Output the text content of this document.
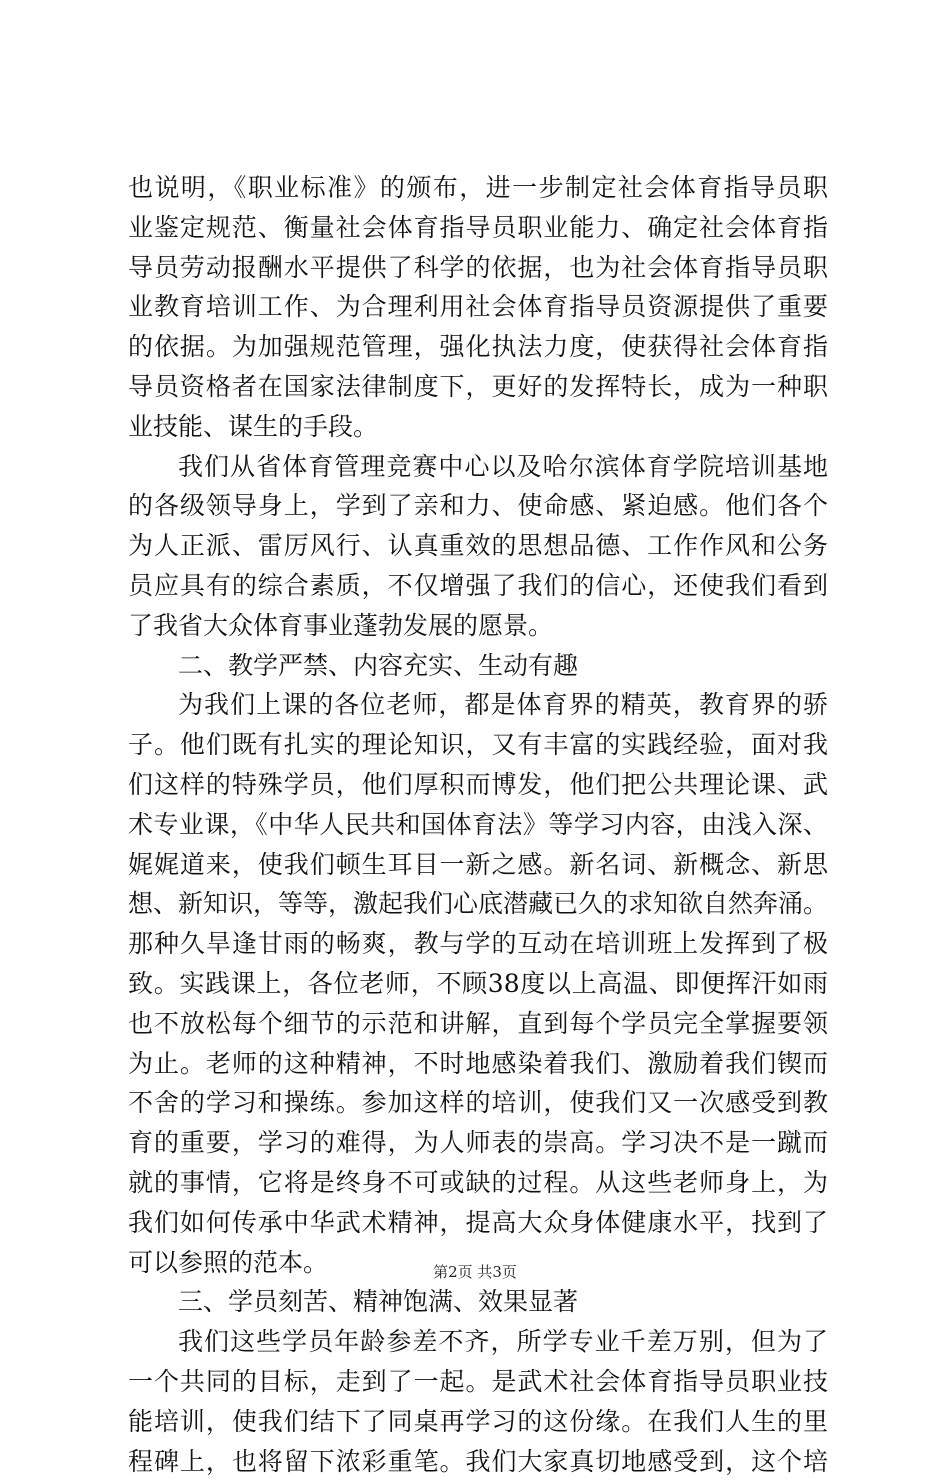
也说明，《职业标准》的颁布，进一步制定社会体育指导员职
业鉴定规范、衡量社会体育指导员职业能力、确定社会体育指
导员劳动报酬水平提供了科学的依据，也为社会体育指导员职
业教育培训工作、为合理利用社会体育指导员资源提供了重要
的依据。为加强规范管理，强化执法力度，使获得社会体育指
导员资格者在国家法律制度下，更好的发挥特长，成为一种职
业技能、谋生的手段。
我们从省体育管理竞赛中心以及哈尔滨体育学院培训基地
的各级领导身上，学到了亲和力、使命感、紧迫感。他们各个
为人正派、雷厉风行、认真重效的思想品德、工作作风和公务
员应具有的综合素质，不仅增强了我们的信心，还使我们看到
了我省大众体育事业蓬勃发展的愿景。
二、教学严禁、内容充实、生动有趣
为我们上课的各位老师，都是体育界的精英，教育界的骄
子。他们既有扎实的理论知识，又有丰富的实践经验，面对我
们这样的特殊学员，他们厚积而博发，他们把公共理论课、武
术专业课，《中华人民共和国体育法》等学习内容，由浅入深、
娓娓道来，使我们顿生耳目一新之感。新名词、新概念、新思
想、新知识，等等，激起我们心底潜藏已久的求知欲自然奔涌。
那种久旱逢甘雨的畅爽，教与学的互动在培训班上发挥到了极
致。实践课上，各位老师，不顾38度以上高温、即便挥汗如雨
也不放松每个细节的示范和讲解，直到每个学员完全掌握要领
为止。老师的这种精神，不时地感染着我们、激励着我们锲而
不舍的学习和操练。参加这样的培训，使我们又一次感受到教
育的重要，学习的难得，为人师表的崇高。学习决不是一蹴而
就的事情，它将是终身不可或缺的过程。从这些老师身上，为
我们如何传承中华武术精神，提高大众身体健康水平，找到了
可以参照的范本。
三、学员刻苦、精神饱满、效果显著
我们这些学员年龄参差不齐，所学专业千差万别，但为了
一个共同的目标，走到了一起。是武术社会体育指导员职业技
能培训，使我们结下了同桌再学习的这份缘。在我们人生的里
程碑上，也将留下浓彩重笔。我们大家真切地感受到，这个培
第2页 共3页
